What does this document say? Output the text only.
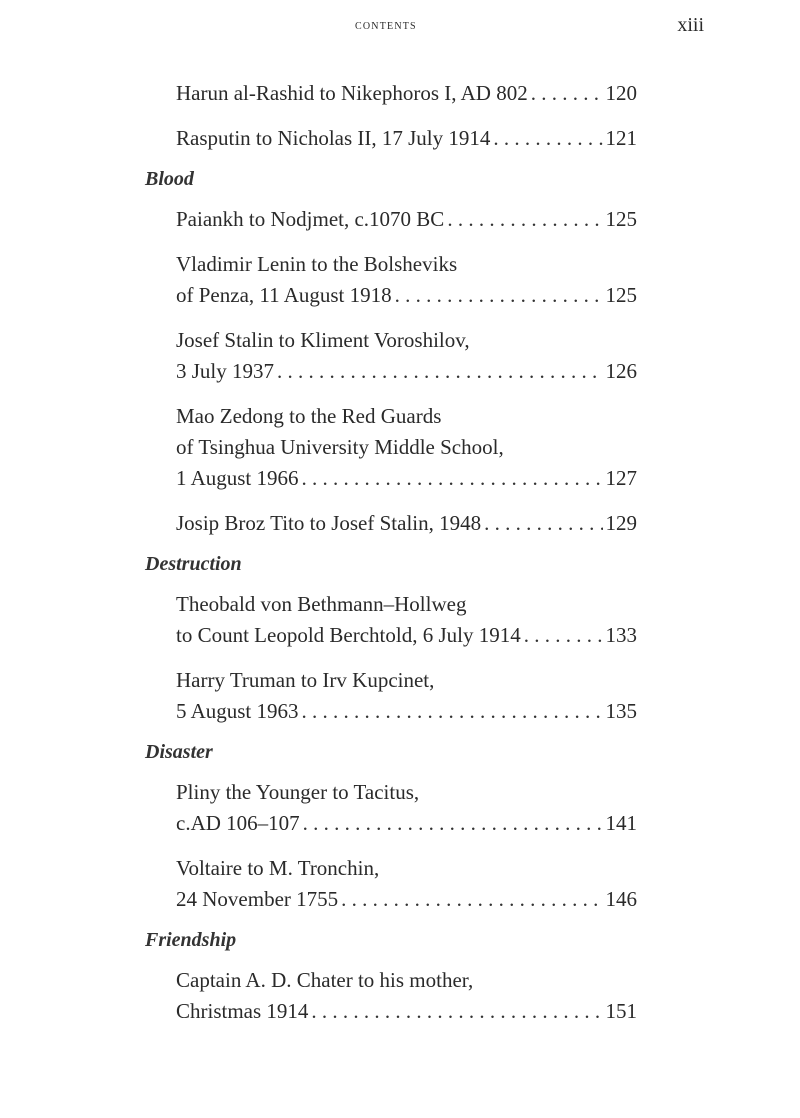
contents	xiii
Harun al-Rashid to Nikephoros I, AD 802 . . .	120
Rasputin to Nicholas II, 17 July 1914 . . .	121
Blood
Paiankh to Nodjmet, c.1070 BC . . .	125
Vladimir Lenin to the Bolsheviks
of Penza, 11 August 1918 . . .	125
Josef Stalin to Kliment Voroshilov,
3 July 1937 . . .	126
Mao Zedong to the Red Guards
of Tsinghua University Middle School,
1 August 1966 . . .	127
Josip Broz Tito to Josef Stalin, 1948 . . .	129
Destruction
Theobald von Bethmann–Hollweg
to Count Leopold Berchtold, 6 July 1914 . . .	133
Harry Truman to Irv Kupcinet,
5 August 1963 . . .	135
Disaster
Pliny the Younger to Tacitus,
c.AD 106–107 . . .	141
Voltaire to M. Tronchin,
24 November 1755 . . .	146
Friendship
Captain A. D. Chater to his mother,
Christmas 1914 . . .	151
